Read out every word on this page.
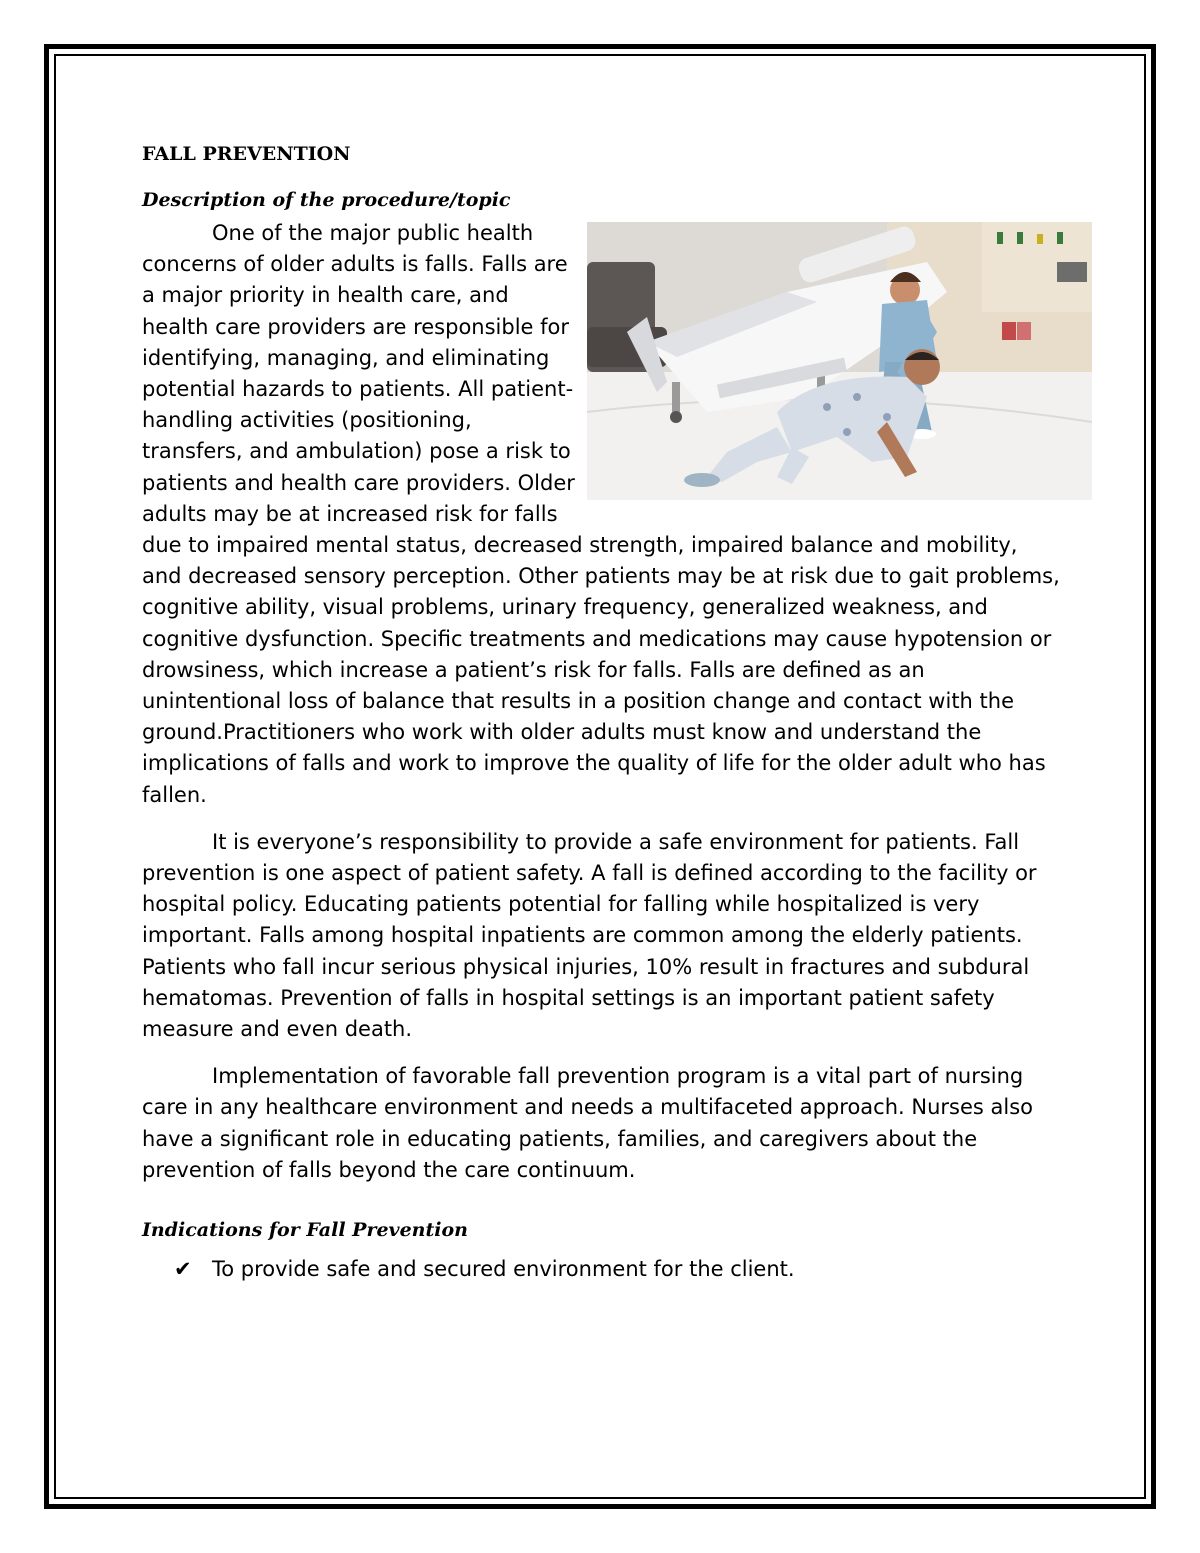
FALL PREVENTION
Description of the procedure/topic

One of the major public health concerns of older adults is falls. Falls are a major priority in health care, and health care providers are responsible for identifying, managing, and eliminating potential hazards to patients. All patient-handling activities (positioning, transfers, and ambulation) pose a risk to patients and health care providers. Older adults may be at increased risk for falls due to impaired mental status, decreased strength, impaired balance and mobility, and decreased sensory perception. Other patients may be at risk due to gait problems, cognitive ability, visual problems, urinary frequency, generalized weakness, and cognitive dysfunction. Specific treatments and medications may cause hypotension or drowsiness, which increase a patient’s risk for falls. Falls are defined as an unintentional loss of balance that results in a position change and contact with the ground.Practitioners who work with older adults must know and understand the implications of falls and work to improve the quality of life for the older adult who has fallen.

It is everyone’s responsibility to provide a safe environment for patients. Fall prevention is one aspect of patient safety. A fall is defined according to the facility or hospital policy. Educating patients potential for falling while hospitalized is very important. Falls among hospital inpatients are common among the elderly patients. Patients who fall incur serious physical injuries, 10% result in fractures and subdural hematomas. Prevention of falls in hospital settings is an important patient safety measure and even death.

Implementation of favorable fall prevention program is a vital part of nursing care in any healthcare environment and needs a multifaceted approach. Nurses also have a significant role in educating patients, families, and caregivers about the prevention of falls beyond the care continuum.

Indications for Fall Prevention
✔ To provide safe and secured environment for the client.
